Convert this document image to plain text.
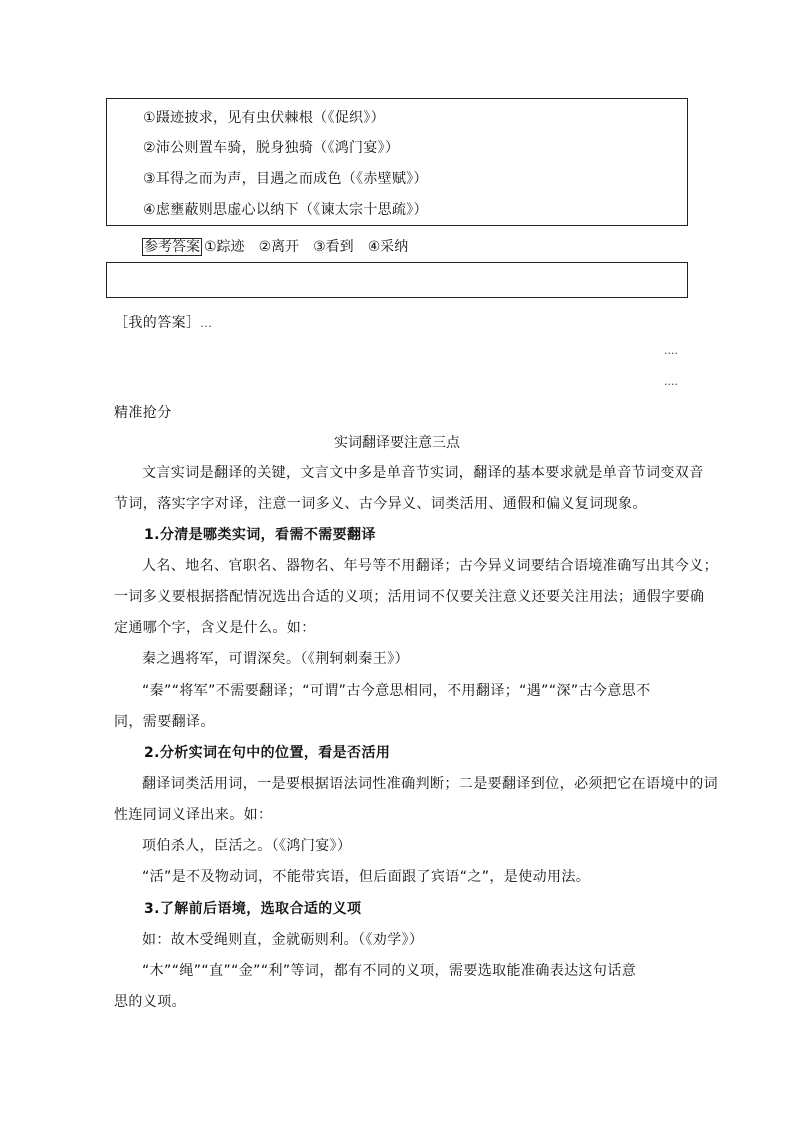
①蹑迹披求，见有虫伏棘根（《促织》）
②沛公则置车骑，脱身独骑（《鸿门宴》）
③耳得之而为声，目遇之而成色（《赤壁赋》）
④虑壅蔽则思虚心以纳下（《谏太宗十思疏》）
参考答案 ①踪迹 ②离开 ③看到 ④采纳
［我的答案］...
....
....
精准抢分
实词翻译要注意三点
文言实词是翻译的关键，文言文中多是单音节实词，翻译的基本要求就是单音节词变双音
节词，落实字字对译，注意一词多义、古今异义、词类活用、通假和偏义复词现象。
1.分清是哪类实词，看需不需要翻译
人名、地名、官职名、器物名、年号等不用翻译；古今异义词要结合语境准确写出其今义；
一词多义要根据搭配情况选出合适的义项；活用词不仅要关注意义还要关注用法；通假字要确
定通哪个字，含义是什么。如：
秦之遇将军，可谓深矣。（《荆轲刺秦王》）
“秦”“将军”不需要翻译；“可谓”古今意思相同，不用翻译；“遇”“深”古今意思不
同，需要翻译。
2.分析实词在句中的位置，看是否活用
翻译词类活用词，一是要根据语法词性准确判断；二是要翻译到位，必须把它在语境中的词
性连同词义译出来。如：
项伯杀人，臣活之。（《鸿门宴》）
“活”是不及物动词，不能带宾语，但后面跟了宾语“之”，是使动用法。
3.了解前后语境，选取合适的义项
如：故木受绳则直，金就砺则利。（《劝学》）
“木”“绳”“直”“金”“利”等词，都有不同的义项，需要选取能准确表达这句话意
思的义项。
